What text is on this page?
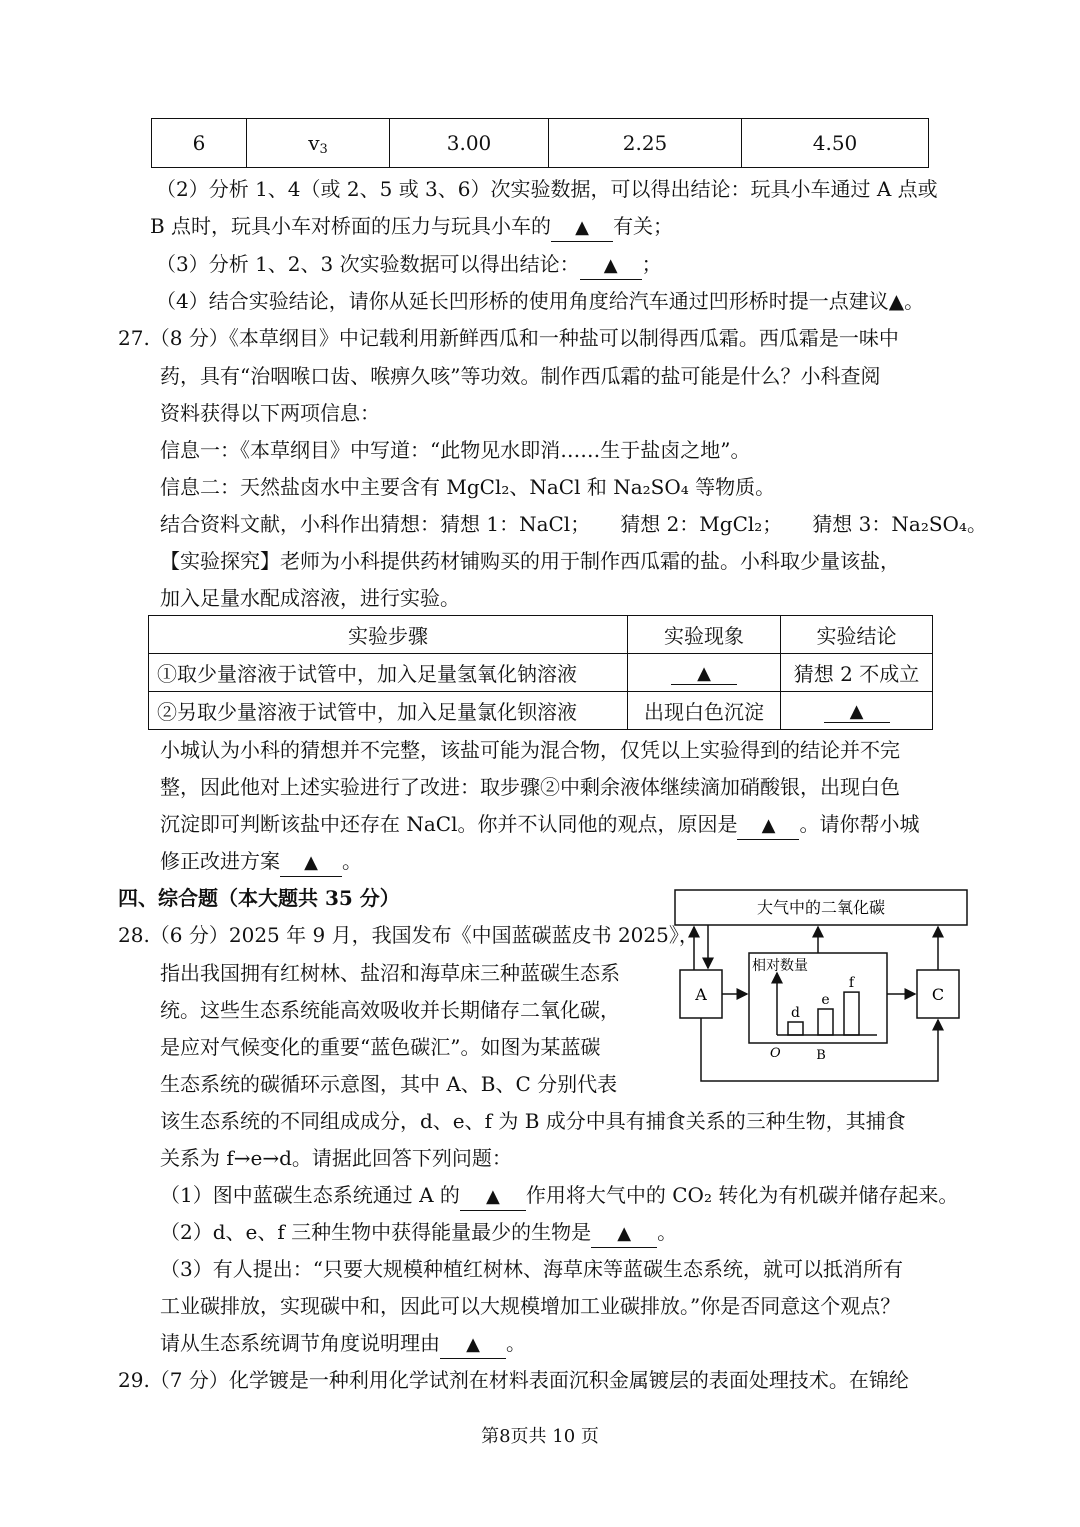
6	$v_3$	3.00	2.25	4.50
（2）分析 1、4（或 2、5 或 3、6）次实验数据，可以得出结论：玩具小车通过 A 点或
B 点时，玩具小车对桥面的压力与玩具小车的 ▲ 有关；
（3）分析 1、2、3 次实验数据可以得出结论： ▲ ；
（4）结合实验结论，请你从延长凹形桥的使用角度给汽车通过凹形桥时提一点建议▲。
27.（8 分）《本草纲目》中记载利用新鲜西瓜和一种盐可以制得西瓜霜。西瓜霜是一味中
药，具有“治咽喉口齿、喉痹久咳”等功效。制作西瓜霜的盐可能是什么？小科查阅
资料获得以下两项信息：
信息一：《本草纲目》中写道：“此物见水即消……生于盐卤之地”。
信息二：天然盐卤水中主要含有 MgCl₂、NaCl 和 Na₂SO₄ 等物质。
结合资料文献，小科作出猜想：猜想 1：NaCl； 猜想 2：MgCl₂； 猜想 3：Na₂SO₄。
【实验探究】老师为小科提供药材铺购买的用于制作西瓜霜的盐。小科取少量该盐，
加入足量水配成溶液，进行实验。
实验步骤	实验现象	实验结论
①取少量溶液于试管中，加入足量氢氧化钠溶液	▲	猜想 2 不成立
②另取少量溶液于试管中，加入足量氯化钡溶液	出现白色沉淀	▲
小城认为小科的猜想并不完整，该盐可能为混合物，仅凭以上实验得到的结论并不完
整，因此他对上述实验进行了改进：取步骤②中剩余液体继续滴加硝酸银，出现白色
沉淀即可判断该盐中还存在 NaCl。你并不认同他的观点，原因是 ▲ 。请你帮小城
修正改进方案 ▲ 。
四、综合题（本大题共 35 分）
28.（6 分）2025 年 9 月，我国发布《中国蓝碳蓝皮书 2025》，
指出我国拥有红树林、盐沼和海草床三种蓝碳生态系
统。这些生态系统能高效吸收并长期储存二氧化碳，
是应对气候变化的重要“蓝色碳汇”。如图为某蓝碳
生态系统的碳循环示意图，其中 A、B、C 分别代表
该生态系统的不同组成成分，d、e、f 为 B 成分中具有捕食关系的三种生物，其捕食
关系为 f→e→d。请据此回答下列问题：
（1）图中蓝碳生态系统通过 A 的 ▲ 作用将大气中的 CO₂ 转化为有机碳并储存起来。
（2）d、e、f 三种生物中获得能量最少的生物是 ▲ 。
（3）有人提出：“只要大规模种植红树林、海草床等蓝碳生态系统，就可以抵消所有
工业碳排放，实现碳中和，因此可以大规模增加工业碳排放。”你是否同意这个观点？
请从生态系统调节角度说明理由 ▲ 。
29.（7 分）化学镀是一种利用化学试剂在材料表面沉积金属镀层的表面处理技术。在锦纶
大气中的二氧化碳
A	C
相对数量
O	B
d
e
f
第8页共 10 页
